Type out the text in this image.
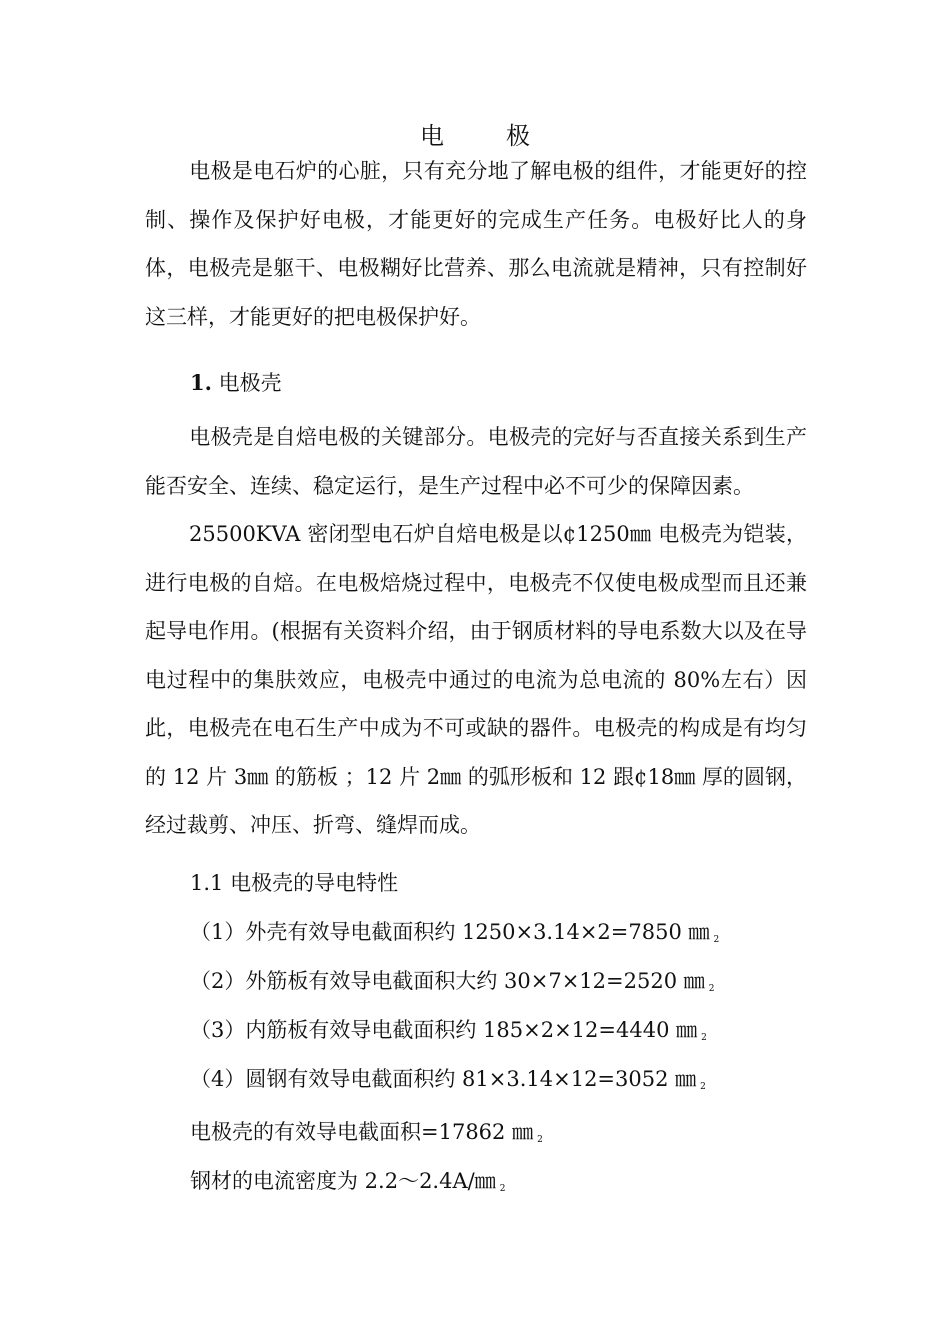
电	极

电极是电石炉的心脏，只有充分地了解电极的组件，才能更好的控制、操作及保护好电极，才能更好的完成生产任务。电极好比人的身体，电极壳是躯干、电极糊好比营养、那么电流就是精神，只有控制好这三样，才能更好的把电极保护好。

1. 电极壳

电极壳是自焙电极的关键部分。电极壳的完好与否直接关系到生产能否安全、连续、稳定运行，是生产过程中必不可少的保障因素。

25500KVA 密闭型电石炉自焙电极是以¢1250㎜ 电极壳为铠装，进行电极的自焙。在电极焙烧过程中，电极壳不仅使电极成型而且还兼起导电作用。(根据有关资料介绍，由于钢质材料的导电系数大以及在导电过程中的集肤效应，电极壳中通过的电流为总电流的 80%左右）因此，电极壳在电石生产中成为不可或缺的器件。电极壳的构成是有均匀的 12 片 3㎜ 的筋板 ；12 片 2㎜ 的弧形板和 12 跟¢18㎜ 厚的圆钢，经过裁剪、冲压、折弯、缝焊而成。

1.1 电极壳的导电特性
（1）外壳有效导电截面积约 1250×3.14×2=7850 ㎜ $_2$
（2）外筋板有效导电截面积大约 30×7×12=2520 ㎜ $_2$
（3）内筋板有效导电截面积约 185×2×12=4440 ㎜ $_2$
（4）圆钢有效导电截面积约 81×3.14×12=3052 ㎜ $_2$
电极壳的有效导电截面积=17862 ㎜ $_2$
钢材的电流密度为 2.2～2.4A/㎜ $_2$
